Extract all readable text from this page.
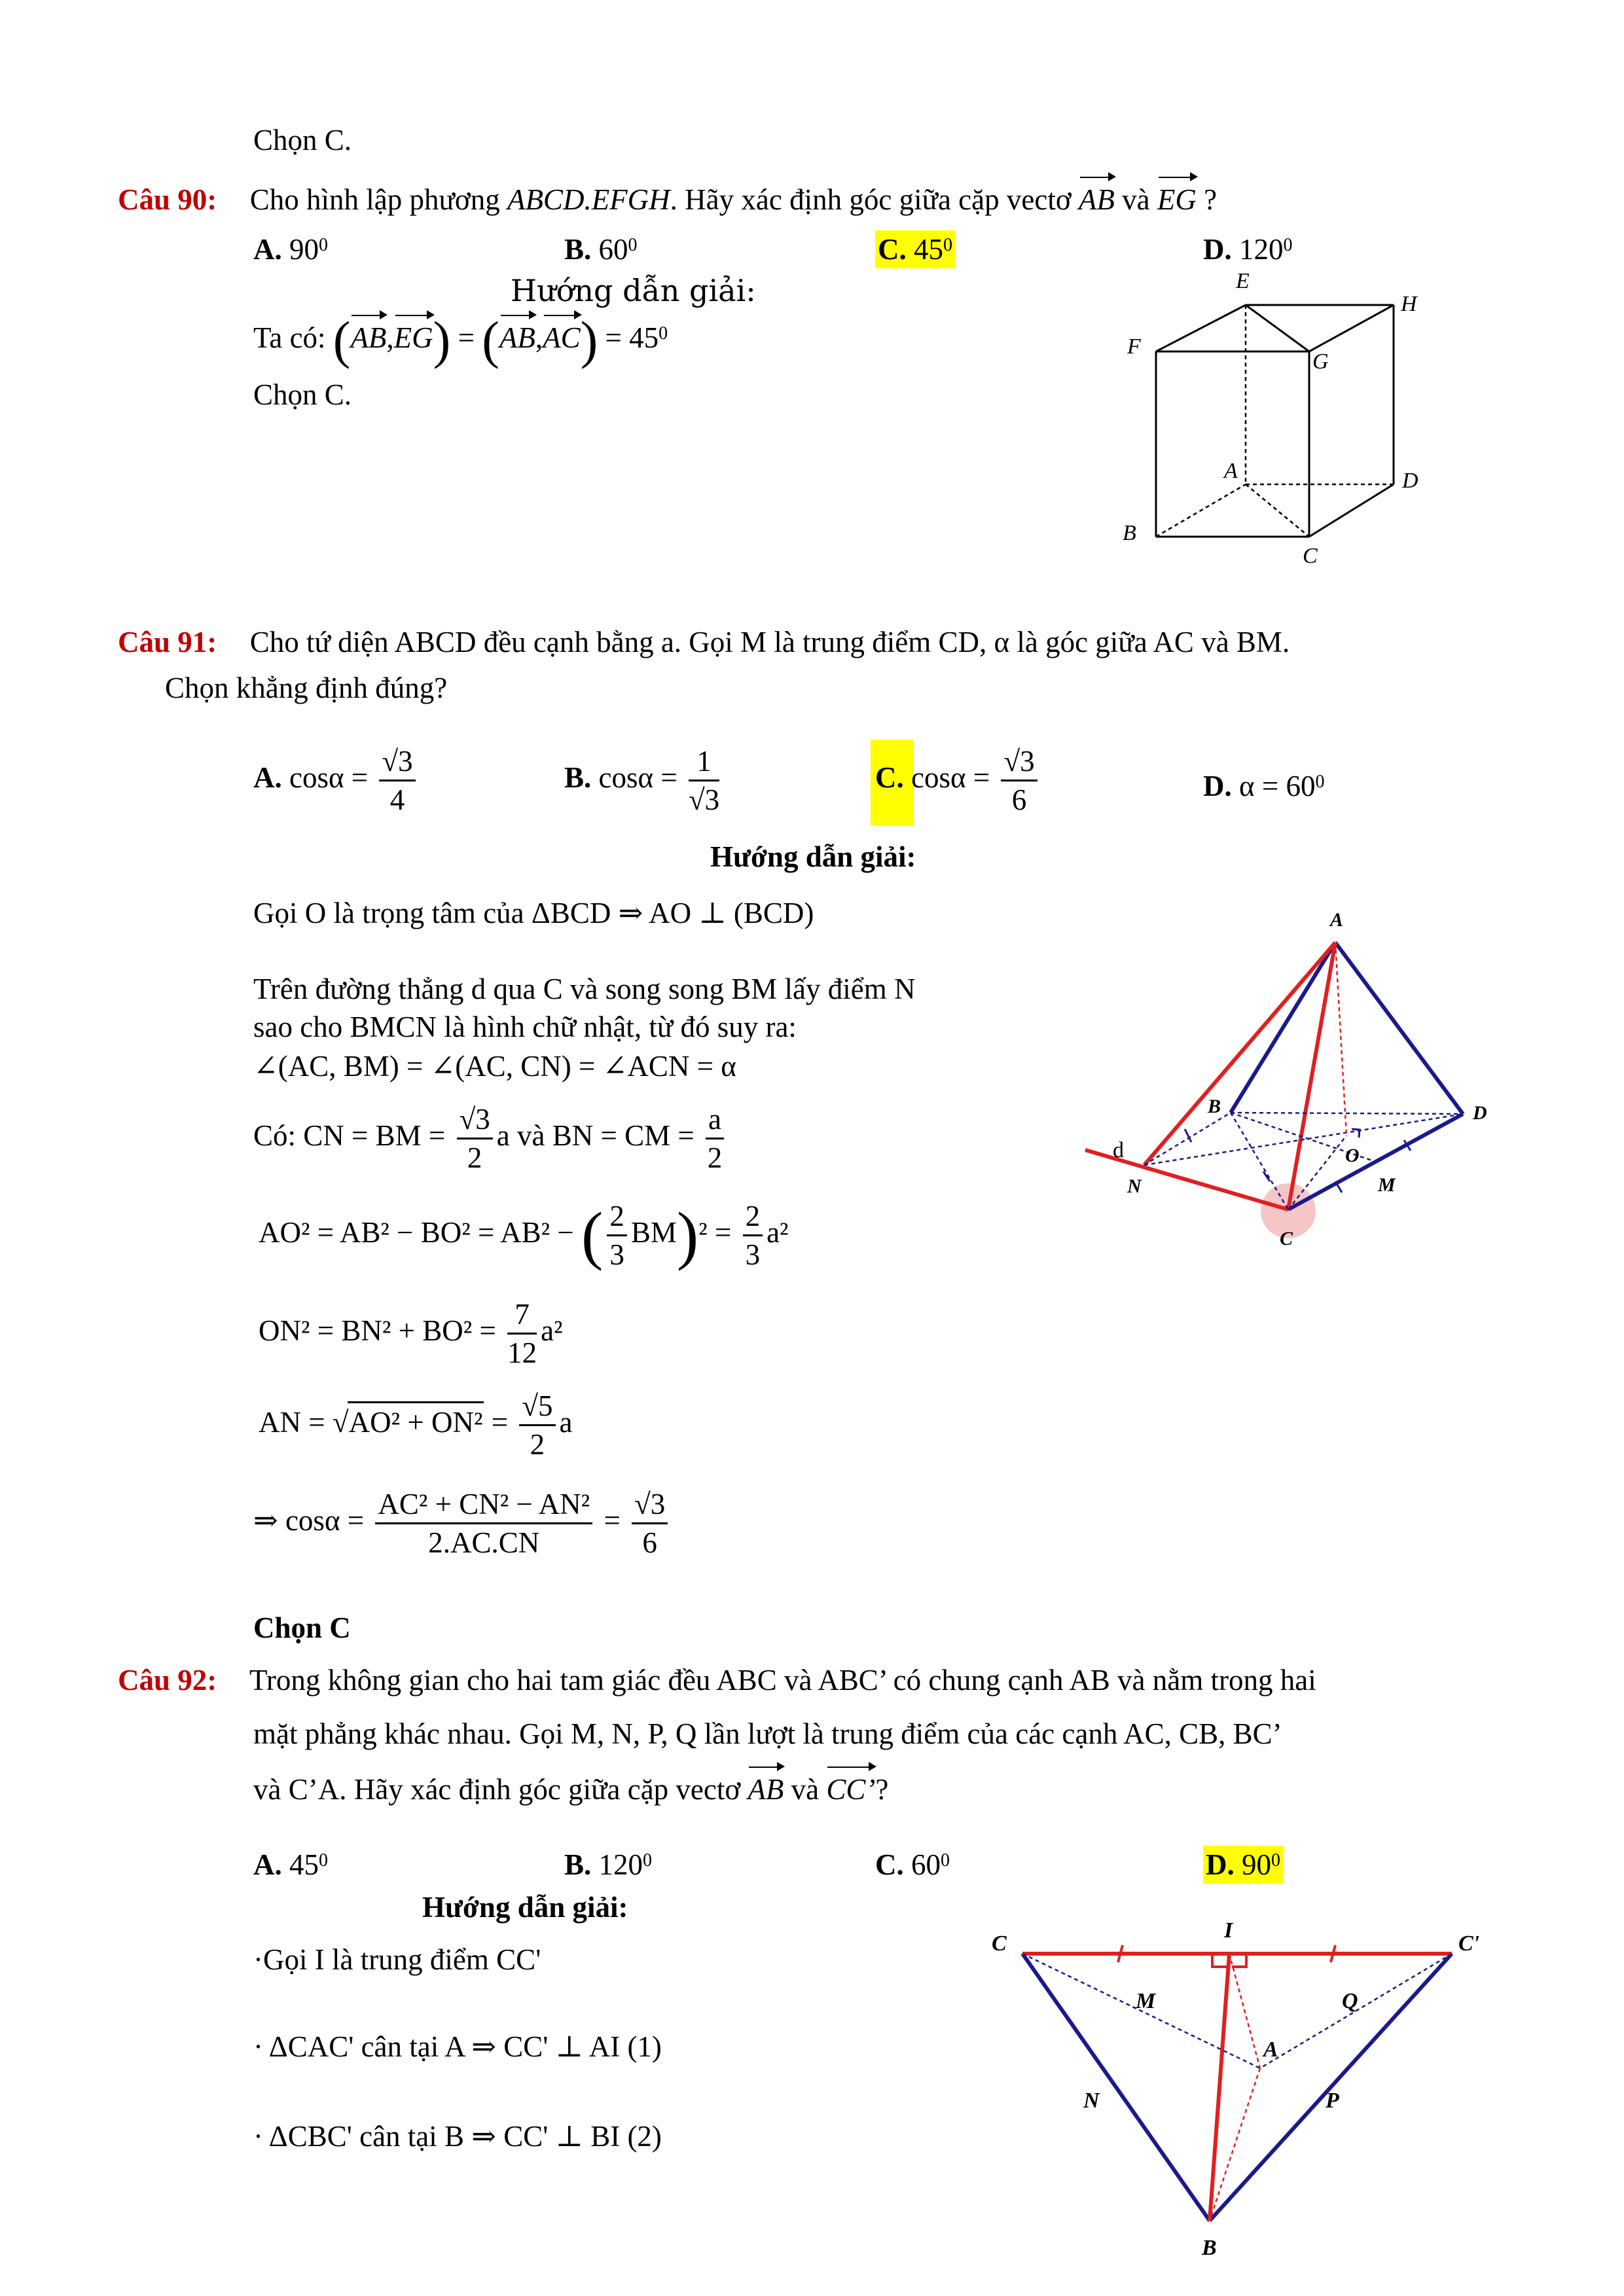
Chọn C.
Câu 90: Cho hình lập phương ABCD.EFGH. Hãy xác định góc giữa cặp vectơ AB và EG ?
A. $90^0$	B. $60^0$	C. $45^0$	D. $120^0$
Hướng dẫn giải:
Ta có: $(AB,EG) = (AB,AC) = 45^0$
Chọn C.
E
H
F
G
A	D
B
C
Câu 91: Cho tứ diện ABCD đều cạnh bằng a. Gọi M là trung điểm CD, α là góc giữa AC và BM.
Chọn khẳng định đúng?
A. $\cos\alpha = \frac{√3}{4}$	B. $\cos\alpha = \frac{1}{√3}$	C. $\cos\alpha = \frac{√3}{6}$	D. $\alpha = 60^0$
Hướng dẫn giải:
Gọi O là trọng tâm của ΔBCD ⇒ AO ⊥ (BCD)
Trên đường thẳng d qua C và song song BM lấy điểm N
sao cho BMCN là hình chữ nhật, từ đó suy ra:
∠(AC, BM) = ∠(AC, CN) = ∠ACN = α
Có: CN = BM = $\frac{√3}{2}$ a và BN = CM = $\frac{a}{2}$
AO² = AB² − BO² = AB² − ( $\frac{2}{3} BM)^2 = \frac{2}{3} a^2$
$ON^2 = BN^2 + BO^2 = \frac{7}{12} a^2$
AN = $√AO^2 + ON^2 = \frac{√5}{2}$ a
⇒ $\cos\alpha = \frac{\text{AC² + CN² − AN²}}{2.AC.CN} = \frac{√3}{6}$
Chọn C
A
B	D
N
O
M
C
d
Câu 92: Trong không gian cho hai tam giác đều ABC và ABC’ có chung cạnh AB và nằm trong hai
mặt phẳng khác nhau. Gọi M, N, P, Q lần lượt là trung điểm của các cạnh AC, CB, BC’
và C’A. Hãy xác định góc giữa cặp vectơ AB và CC’?
A. $45^0$	B. $120^0$	C. $60^0$	D. $90^0$
Hướng dẫn giải:
·Gọi I là trung điểm CC'
· ΔCAC' cân tại A ⇒ CC' ⊥ AI (1)
· ΔCBC' cân tại B ⇒ CC' ⊥ BI (2)
C
I
C'
M	Q
A
N	P
B
